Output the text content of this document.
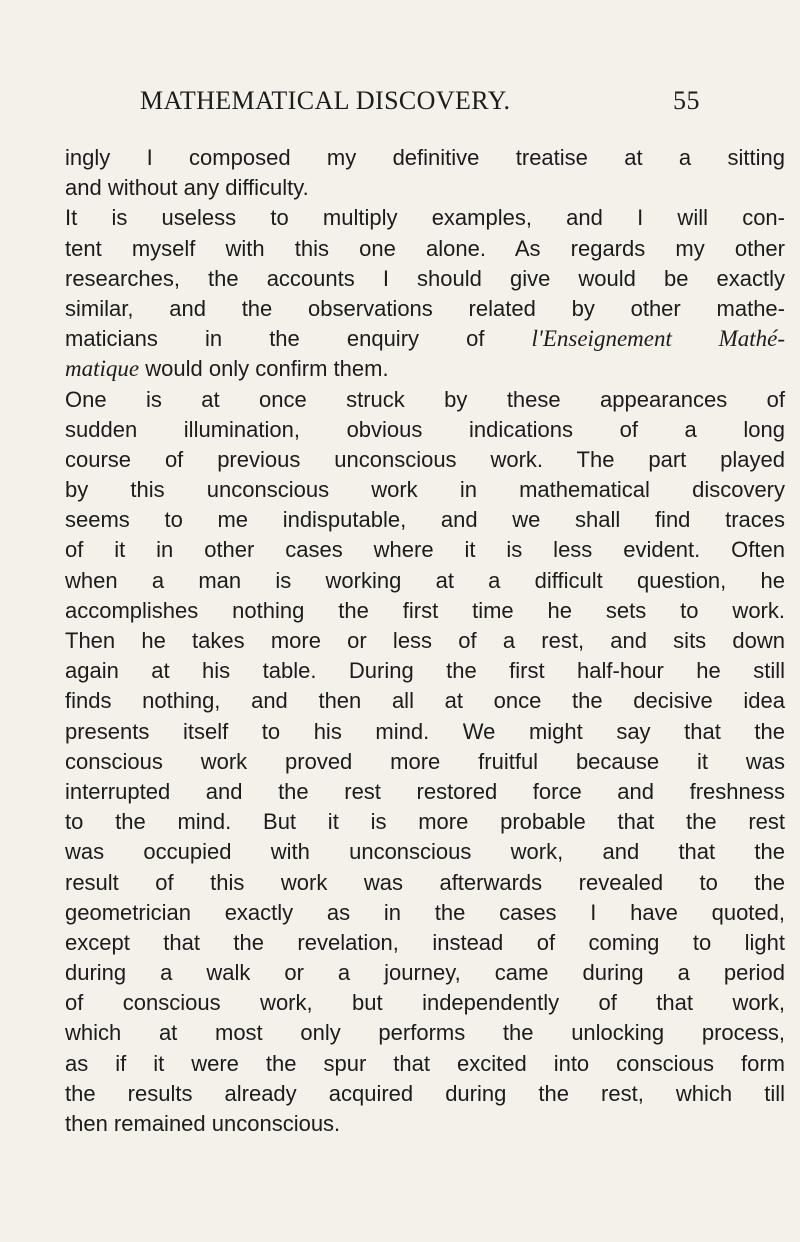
MATHEMATICAL DISCOVERY.	55
ingly I composed my definitive treatise at a sitting
and without any difficulty.
It is useless to multiply examples, and I will con-
tent myself with this one alone. As regards my other
researches, the accounts I should give would be exactly
similar, and the observations related by other mathe-
maticians in the enquiry of l'Enseignement Mathé-
matique would only confirm them.
One is at once struck by these appearances of
sudden illumination, obvious indications of a long
course of previous unconscious work. The part played
by this unconscious work in mathematical discovery
seems to me indisputable, and we shall find traces
of it in other cases where it is less evident. Often
when a man is working at a difficult question, he
accomplishes nothing the first time he sets to work.
Then he takes more or less of a rest, and sits down
again at his table. During the first half-hour he still
finds nothing, and then all at once the decisive idea
presents itself to his mind. We might say that the
conscious work proved more fruitful because it was
interrupted and the rest restored force and freshness
to the mind. But it is more probable that the rest
was occupied with unconscious work, and that the
result of this work was afterwards revealed to the
geometrician exactly as in the cases I have quoted,
except that the revelation, instead of coming to light
during a walk or a journey, came during a period
of conscious work, but independently of that work,
which at most only performs the unlocking process,
as if it were the spur that excited into conscious form
the results already acquired during the rest, which till
then remained unconscious.
